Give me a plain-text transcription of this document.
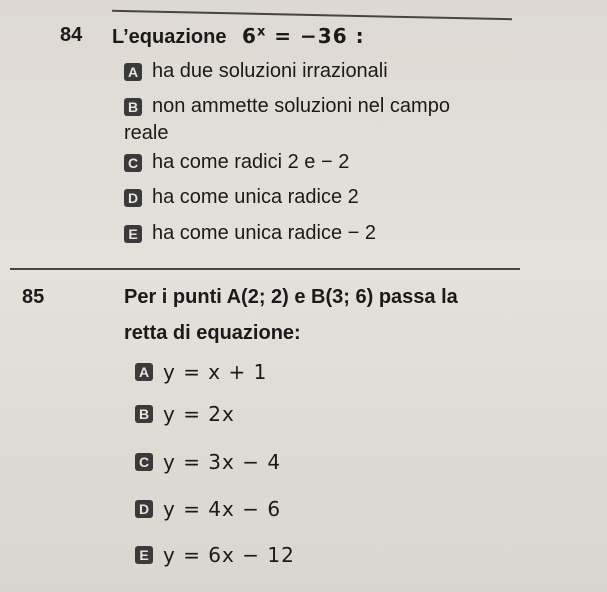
84 L’equazione $6^x = -36$ :
A ha due soluzioni irrazionali
B non ammette soluzioni nel campo
reale
C ha come radici 2 e − 2
D ha come unica radice 2
E ha come unica radice − 2
85	Per i punti A(2; 2) e B(3; 6) passa la
retta di equazione:
A y = x + 1
B y = 2x
C y = 3x − 4
D y = 4x − 6
E y = 6x − 12
